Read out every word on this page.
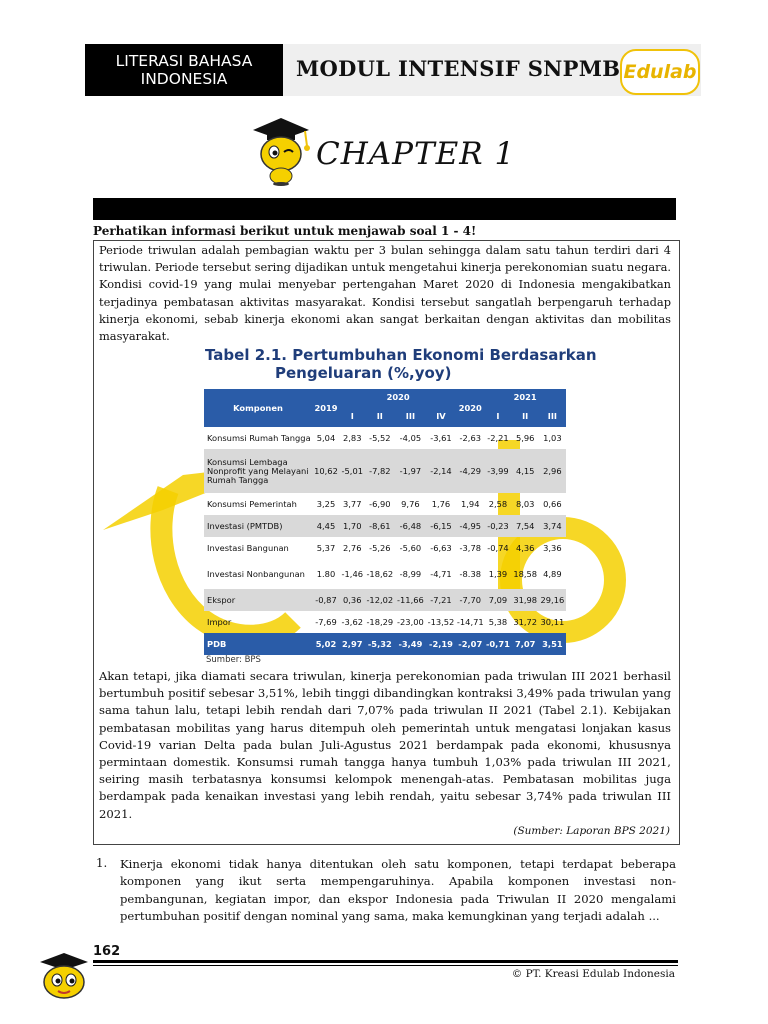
LITERASI BAHASA
INDONESIA	MODUL INTENSIF SNPMB Edulab
CHAPTER 1
Perhatikan informasi berikut untuk menjawab soal 1 - 4!
Periode triwulan adalah pembagian waktu per 3 bulan sehingga dalam satu tahun terdiri dari 4 triwulan. Periode tersebut sering dijadikan untuk mengetahui kinerja perekonomian suatu negara. Kondisi covid-19 yang mulai menyebar pertengahan Maret 2020 di Indonesia mengakibatkan terjadinya pembatasan aktivitas masyarakat. Kondisi tersebut sangatlah berpengaruh terhadap kinerja ekonomi, sebab kinerja ekonomi akan sangat berkaitan dengan aktivitas dan mobilitas masyarakat.
Tabel 2.1. Pertumbuhan Ekonomi Berdasarkan
Pengeluaran (%,yoy)
Komponen	2019	2020				2020	2021		
		I	II	III	IV		I	II	III
Konsumsi Rumah Tangga	5,04	2,83	-5,52	-4,05	-3,61	-2,63	-2,21	5,96	1,03
Konsumsi Lembaga Nonprofit yang Melayani Rumah Tangga	10,62	-5,01	-7,82	-1,97	-2,14	-4,29	-3,99	4,15	2,96
Konsumsi Pemerintah	3,25	3,77	-6,90	9,76	1,76	1,94	2,58	8,03	0,66
Investasi (PMTDB)	4,45	1,70	-8,61	-6,48	-6,15	-4,95	-0,23	7,54	3,74
Investasi Bangunan	5,37	2,76	-5,26	-5,60	-6,63	-3,78	-0,74	4,36	3,36
Investasi Nonbangunan	1.80	-1,46	-18,62	-8,99	-4,71	-8.38	1,39	18,58	4,89
Ekspor	-0,87	0,36	-12,02	-11,66	-7,21	-7,70	7,09	31,98	29,16
Impor	-7,69	-3,62	-18,29	-23,00	-13,52	-14,71	5,38	31,72	30,11
PDB	5,02	2,97	-5,32	-3,49	-2,19	-2,07	-0,71	7,07	3,51
Sumber: BPS
Akan tetapi, jika diamati secara triwulan, kinerja perekonomian pada triwulan III 2021 berhasil bertumbuh positif sebesar 3,51%, lebih tinggi dibandingkan kontraksi 3,49% pada triwulan yang sama tahun lalu, tetapi lebih rendah dari 7,07% pada triwulan II 2021 (Tabel 2.1). Kebijakan pembatasan mobilitas yang harus ditempuh oleh pemerintah untuk mengatasi lonjakan kasus Covid-19 varian Delta pada bulan Juli-Agustus 2021 berdampak pada ekonomi, khususnya permintaan domestik. Konsumsi rumah tangga hanya tumbuh 1,03% pada triwulan III 2021, seiring masih terbatasnya konsumsi kelompok menengah-atas. Pembatasan mobilitas juga berdampak pada kenaikan investasi yang lebih rendah, yaitu sebesar 3,74% pada triwulan III 2021.
(Sumber: Laporan BPS 2021)
1. Kinerja ekonomi tidak hanya ditentukan oleh satu komponen, tetapi terdapat beberapa komponen yang ikut serta mempengaruhinya. Apabila komponen investasi non-pembangunan, kegiatan impor, dan ekspor Indonesia pada Triwulan II 2020 mengalami pertumbuhan positif dengan nominal yang sama, maka kemungkinan yang terjadi adalah ...
162
© PT. Kreasi Edulab Indonesia
